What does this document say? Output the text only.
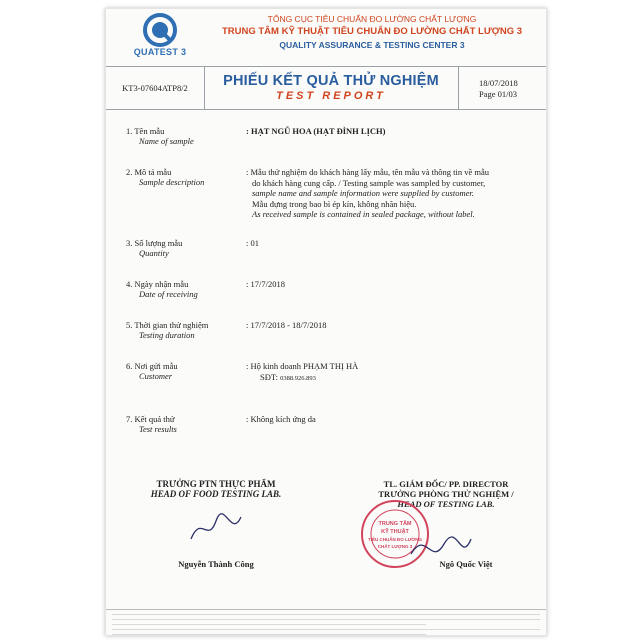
QUATEST 3
TỔNG CỤC TIÊU CHUẨN ĐO LƯỜNG CHẤT LƯỢNG
TRUNG TÂM KỸ THUẬT TIÊU CHUẨN ĐO LƯỜNG CHẤT LƯỢNG 3
QUALITY ASSURANCE & TESTING CENTER 3
KT3-07604ATP8/2	PHIẾU KẾT QUẢ THỬ NGHIỆM
TEST REPORT
18/07/2018
Page 01/03
1. Tên mẫu
Name of sample
: HẠT NGŨ HOA (HẠT ĐÌNH LỊCH)
2. Mô tả mẫu
Sample description
: Mẫu thử nghiệm do khách hàng lấy mẫu, tên mẫu và thông tin về mẫu
do khách hàng cung cấp. / Testing sample was sampled by customer,
sample name and sample information were supplied by customer.
Mẫu đựng trong bao bì ép kín, không nhãn hiệu.
As received sample is contained in sealed package, without label.
3. Số lượng mẫu
Quantity
: 01
4. Ngày nhận mẫu
Date of receiving
: 17/7/2018
5. Thời gian thử nghiệm
Testing duration
: 17/7/2018 - 18/7/2018
6. Nơi gửi mẫu
Customer
: Hộ kinh doanh PHẠM THỊ HÀ
SĐT: 0388.926.893
7. Kết quả thử
Test results
: Không kích ứng da
TRƯỞNG PTN THỰC PHẨM
HEAD OF FOOD TESTING LAB.
Nguyễn Thành Công
TL. GIÁM ĐỐC/ PP. DIRECTOR
TRƯỞNG PHÒNG THỬ NGHIỆM /
HEAD OF TESTING LAB.
TRUNG TÂM
KỸ THUẬT
TIÊU CHUẨN ĐO LƯỜNG
CHẤT LƯỢNG 3
Ngô Quốc Việt
